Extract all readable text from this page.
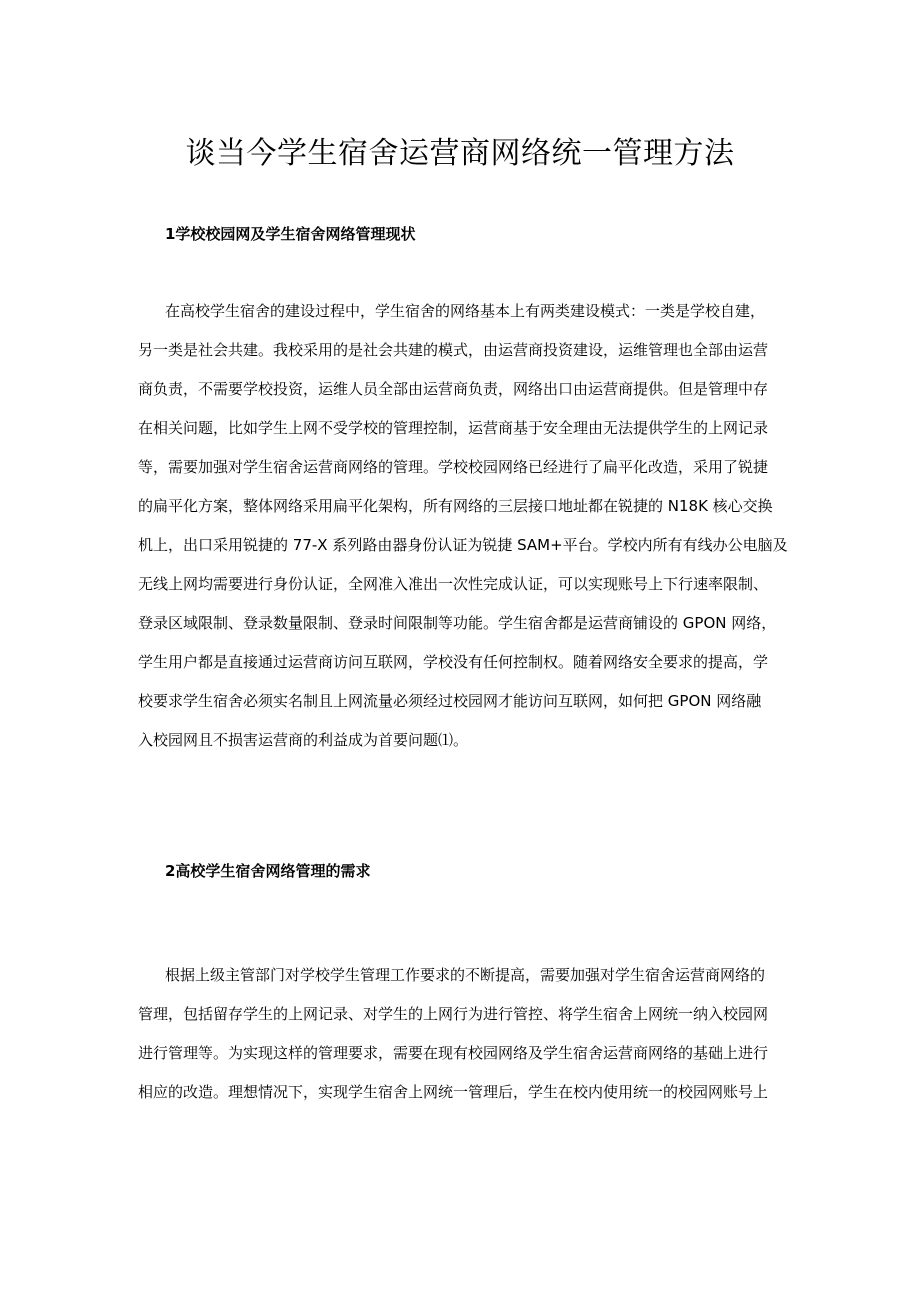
谈当今学生宿舍运营商网络统一管理方法
1学校校园网及学生宿舍网络管理现状
在高校学生宿舍的建设过程中，学生宿舍的网络基本上有两类建设模式：一类是学校自建，
另一类是社会共建。我校采用的是社会共建的模式，由运营商投资建设，运维管理也全部由运营
商负责，不需要学校投资，运维人员全部由运营商负责，网络出口由运营商提供。但是管理中存
在相关问题，比如学生上网不受学校的管理控制，运营商基于安全理由无法提供学生的上网记录
等，需要加强对学生宿舍运营商网络的管理。学校校园网络已经进行了扁平化改造，采用了锐捷
的扁平化方案，整体网络采用扁平化架构，所有网络的三层接口地址都在锐捷的 N18K 核心交换
机上，出口采用锐捷的 77-X 系列路由器身份认证为锐捷 SAM+平台。学校内所有有线办公电脑及
无线上网均需要进行身份认证，全网准入准出一次性完成认证，可以实现账号上下行速率限制、
登录区域限制、登录数量限制、登录时间限制等功能。学生宿舍都是运营商铺设的 GPON 网络，
学生用户都是直接通过运营商访问互联网，学校没有任何控制权。随着网络安全要求的提高，学
校要求学生宿舍必须实名制且上网流量必须经过校园网才能访问互联网，如何把 GPON 网络融
入校园网且不损害运营商的利益成为首要问题⑴。
2高校学生宿舍网络管理的需求
根据上级主管部门对学校学生管理工作要求的不断提高，需要加强对学生宿舍运营商网络的
管理，包括留存学生的上网记录、对学生的上网行为进行管控、将学生宿舍上网统一纳入校园网
进行管理等。为实现这样的管理要求，需要在现有校园网络及学生宿舍运营商网络的基础上进行
相应的改造。理想情况下，实现学生宿舍上网统一管理后，学生在校内使用统一的校园网账号上
